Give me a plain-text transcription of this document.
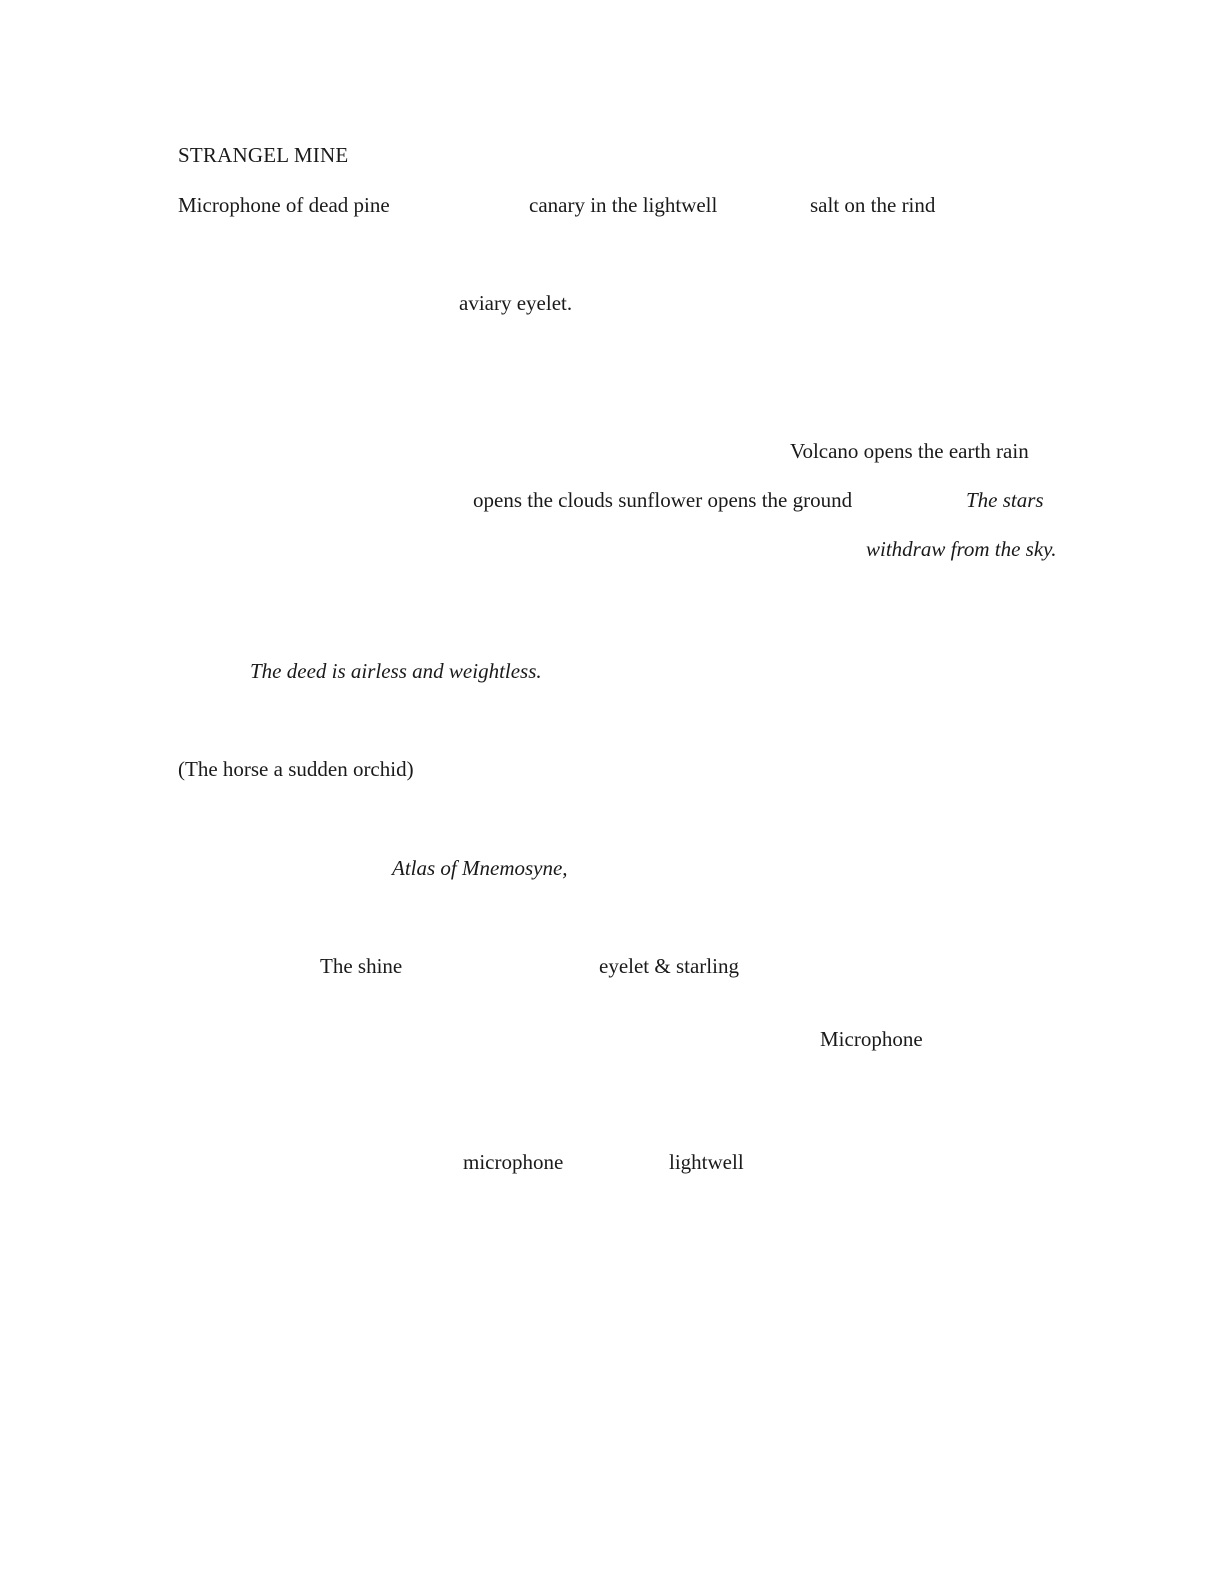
STRANGEL MINE
Microphone of dead pine	canary in the lightwell	salt on the rind
aviary eyelet.
Volcano opens the earth rain
opens the clouds sunflower opens the ground	The stars
withdraw from the sky.
The deed is airless and weightless.
(The horse a sudden orchid)
Atlas of Mnemosyne,
The shine	eyelet & starling
Microphone
microphone	lightwell
